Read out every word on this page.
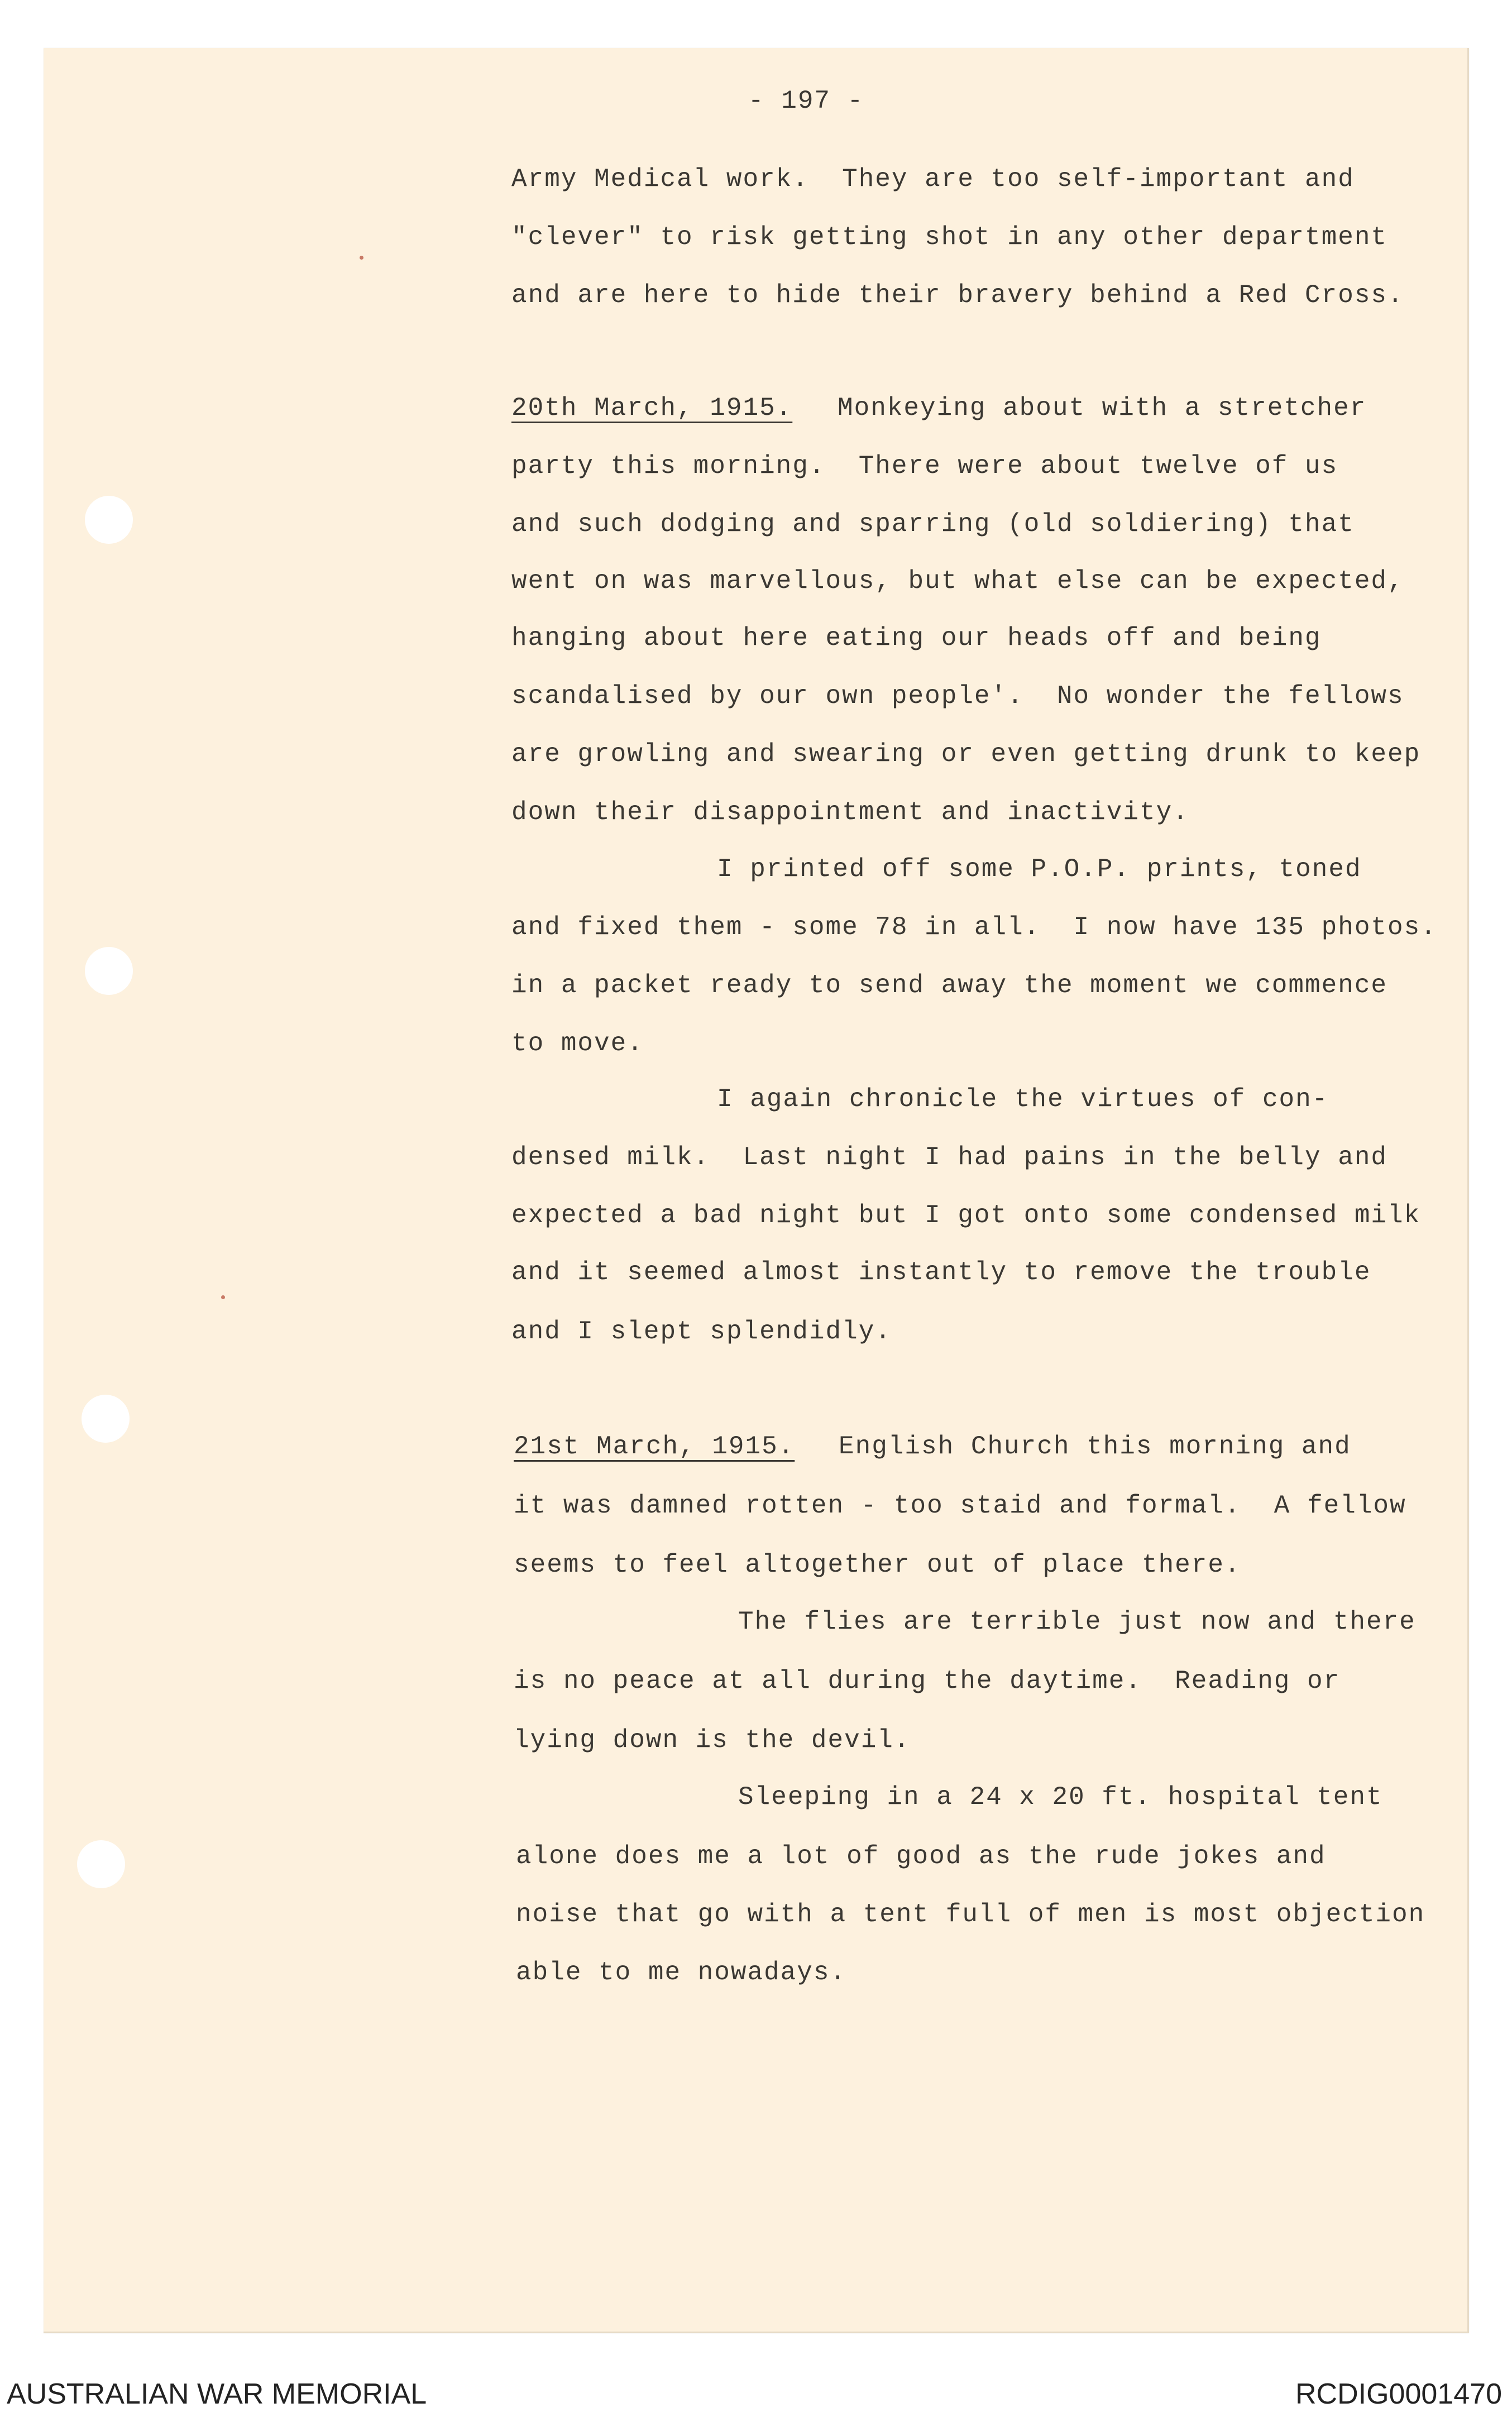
- 197 -
Army Medical work.  They are too self-important and
"clever" to risk getting shot in any other department
and are here to hide their bravery behind a Red Cross.
20th March, 1915. Monkeying about with a stretcher
party this morning.  There were about twelve of us
and such dodging and sparring (old soldiering) that
went on was marvellous, but what else can be expected,
hanging about here eating our heads off and being
scandalised by our own people'.  No wonder the fellows
are growling and swearing or even getting drunk to keep
down their disappointment and inactivity.
I printed off some P.O.P. prints, toned
and fixed them - some 78 in all.  I now have 135 photos.
in a packet ready to send away the moment we commence
to move.
I again chronicle the virtues of con-
densed milk.  Last night I had pains in the belly and
expected a bad night but I got onto some condensed milk
and it seemed almost instantly to remove the trouble
and I slept splendidly.
21st March, 1915. English Church this morning and
it was damned rotten - too staid and formal.  A fellow
seems to feel altogether out of place there.
The flies are terrible just now and there
is no peace at all during the daytime.  Reading or
lying down is the devil.
Sleeping in a 24 x 20 ft. hospital tent
alone does me a lot of good as the rude jokes and
noise that go with a tent full of men is most objection
able to me nowadays.
AUSTRALIAN WAR MEMORIAL	RCDIG0001470
